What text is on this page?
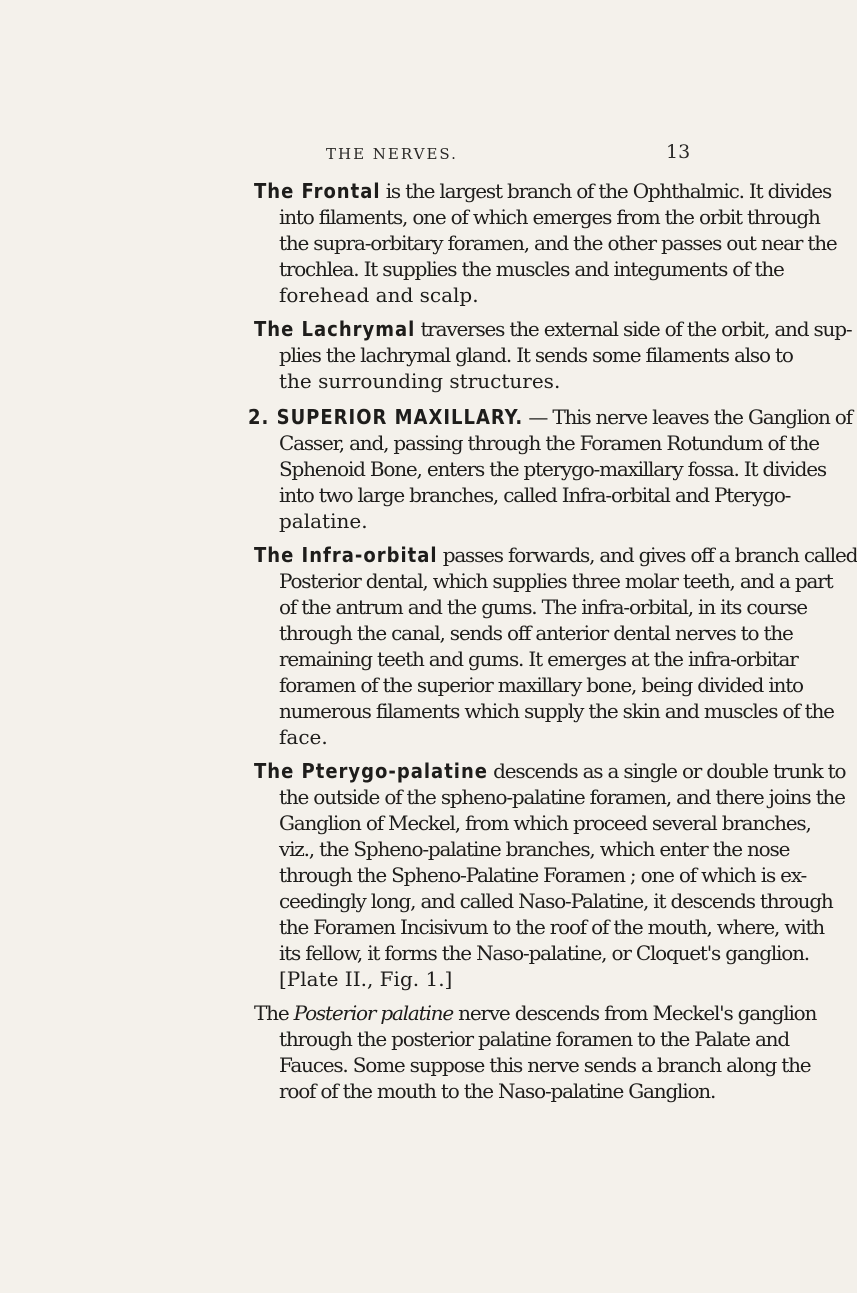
THE NERVES.	13
The Frontal is the largest branch of the Ophthalmic. It divides
into filaments, one of which emerges from the orbit through
the supra-orbitary foramen, and the other passes out near the
trochlea. It supplies the muscles and integuments of the
forehead and scalp.
The Lachrymal traverses the external side of the orbit, and sup-
plies the lachrymal gland. It sends some filaments also to
the surrounding structures.
2. SUPERIOR MAXILLARY. — This nerve leaves the Ganglion of
Casser, and, passing through the Foramen Rotundum of the
Sphenoid Bone, enters the pterygo-maxillary fossa. It divides
into two large branches, called Infra-orbital and Pterygo-
palatine.
The Infra-orbital passes forwards, and gives off a branch called
Posterior dental, which supplies three molar teeth, and a part
of the antrum and the gums. The infra-orbital, in its course
through the canal, sends off anterior dental nerves to the
remaining teeth and gums. It emerges at the infra-orbitar
foramen of the superior maxillary bone, being divided into
numerous filaments which supply the skin and muscles of the
face.
The Pterygo-palatine descends as a single or double trunk to
the outside of the spheno-palatine foramen, and there joins the
Ganglion of Meckel, from which proceed several branches,
viz., the Spheno-palatine branches, which enter the nose
through the Spheno-Palatine Foramen ; one of which is ex-
ceedingly long, and called Naso-Palatine, it descends through
the Foramen Incisivum to the roof of the mouth, where, with
its fellow, it forms the Naso-palatine, or Cloquet's ganglion.
[Plate II., Fig. 1.]
The Posterior palatine nerve descends from Meckel's ganglion
through the posterior palatine foramen to the Palate and
Fauces. Some suppose this nerve sends a branch along the
roof of the mouth to the Naso-palatine Ganglion.
